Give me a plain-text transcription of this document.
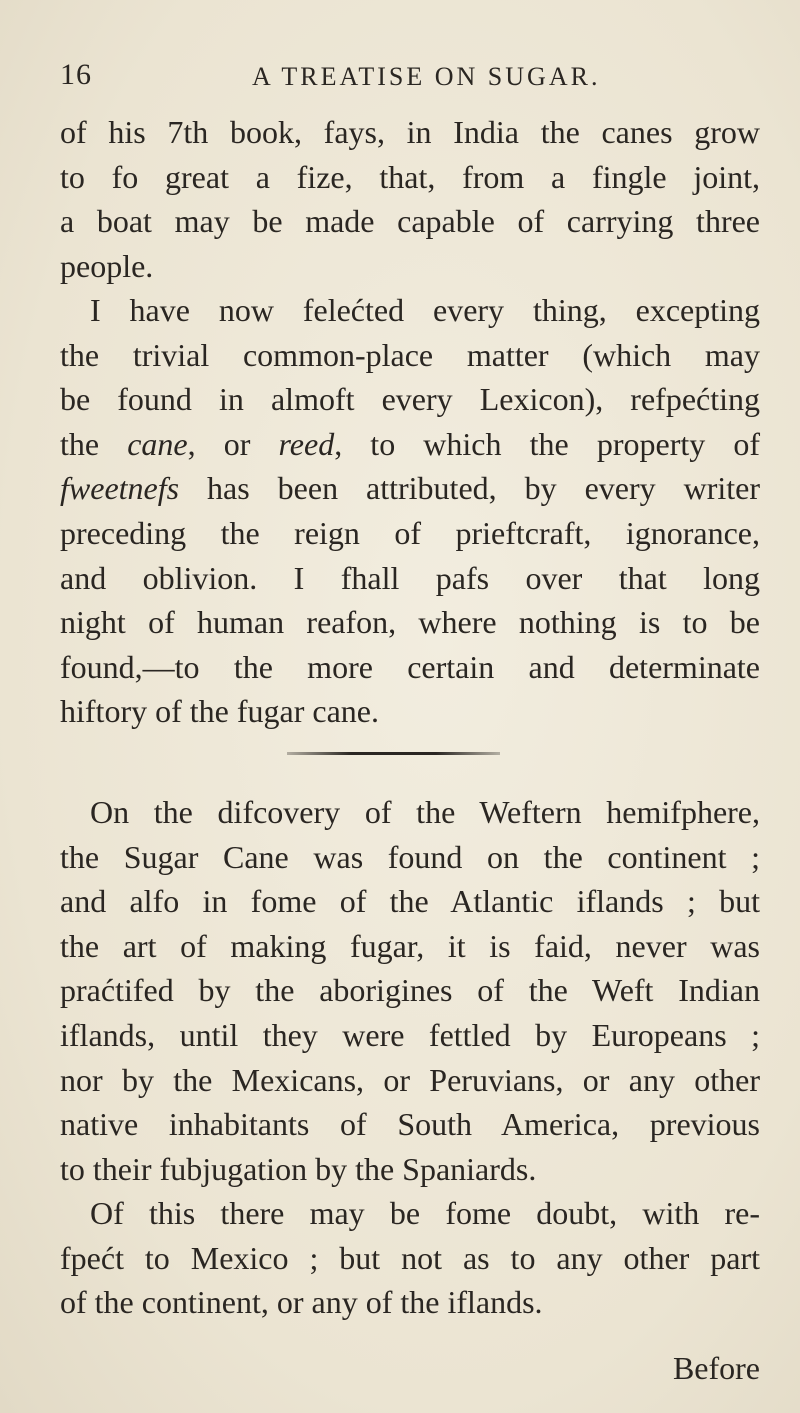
16	A TREATISE ON SUGAR.
of his 7th book, fays, in India the canes grow
to fo great a fize, that, from a fingle joint,
a boat may be made capable of carrying three
people.
I have now felećted every thing, excepting
the trivial common-place matter (which may
be found in almoft every Lexicon), refpećting
the cane, or reed, to which the property of
fweetnefs has been attributed, by every writer
preceding the reign of prieftcraft, ignorance,
and oblivion. I fhall pafs over that long
night of human reafon, where nothing is to be
found,—to the more certain and determinate
hiftory of the fugar cane.
On the difcovery of the Weftern hemifphere,
the Sugar Cane was found on the continent ;
and alfo in fome of the Atlantic iflands ; but
the art of making fugar, it is faid, never was
praćtifed by the aborigines of the Weft Indian
iflands, until they were fettled by Europeans ;
nor by the Mexicans, or Peruvians, or any other
native inhabitants of South America, previous
to their fubjugation by the Spaniards.
Of this there may be fome doubt, with re-
fpećt to Mexico ; but not as to any other part
of the continent, or any of the iflands.
Before
